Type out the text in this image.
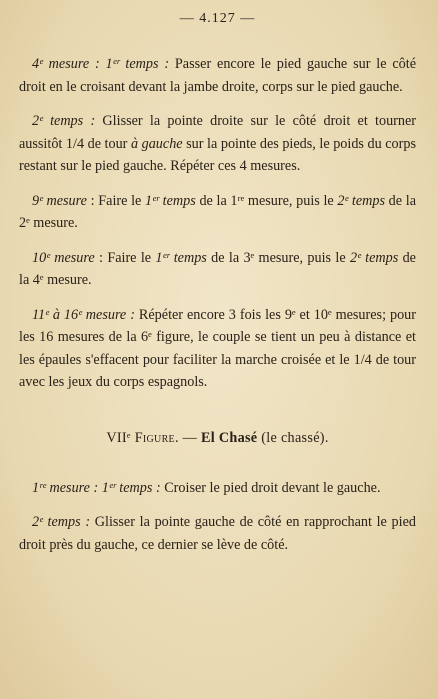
— 4.127 —

4ᵉ mesure : 1ᵉʳ temps : Passer encore le pied gauche sur le côté droit en le croisant devant la jambe droite, corps sur le pied gauche.

2ᵉ temps : Glisser la pointe droite sur le côté droit et tourner aussitôt 1/4 de tour à gauche sur la pointe des pieds, le poids du corps restant sur le pied gauche. Répéter ces 4 mesures.

9ᵉ mesure : Faire le 1ᵉʳ temps de la 1ʳᵉ mesure, puis le 2ᵉ temps de la 2ᵉ mesure.

10ᵉ mesure : Faire le 1ᵉʳ temps de la 3ᵉ mesure, puis le 2ᵉ temps de la 4ᵉ mesure.

11ᵉ à 16ᵉ mesure : Répéter encore 3 fois les 9ᵉ et 10ᵉ mesures; pour les 16 mesures de la 6ᵉ figure, le couple se tient un peu à distance et les épaules s'effacent pour faciliter la marche croisée et le 1/4 de tour avec les jeux du corps espagnols.

VIIᵉ Figure. — El Chasé (le chassé).

1ʳᵉ mesure : 1ᵉʳ temps : Croiser le pied droit devant le gauche.

2ᵉ temps : Glisser la pointe gauche de côté en rapprochant le pied droit près du gauche, ce dernier se lève de côté.
